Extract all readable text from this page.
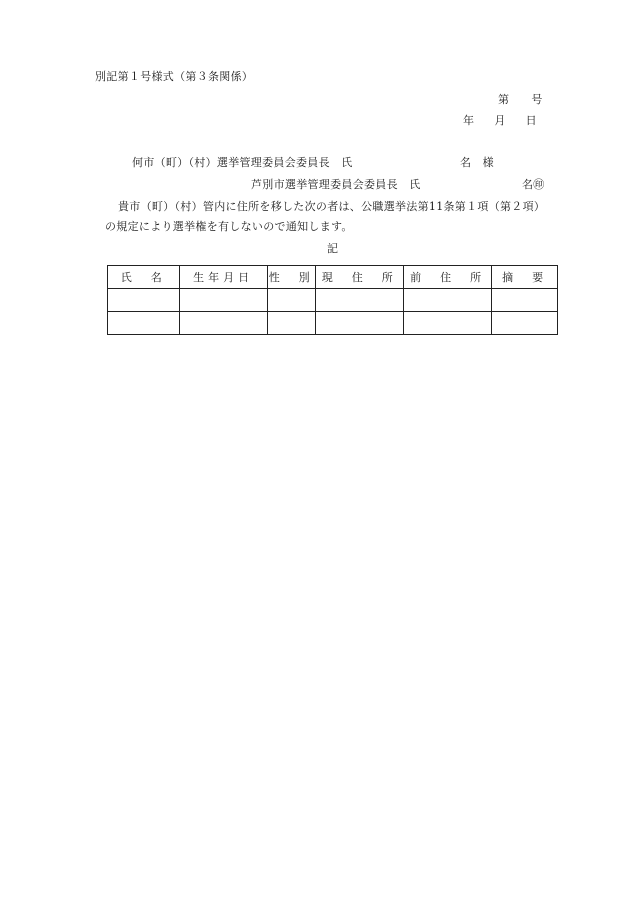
別記第１号様式（第３条関係）
第 号
年 月 日
何市（町）（村）選挙管理委員会委員長　氏	名　様
芦別市選挙管理委員会委員長　氏	名㊞
貴市（町）（村）管内に住所を移した次の者は、公職選挙法第11条第１項（第２項）
の規定により選挙権を有しないので通知します。
記
氏　名	生年月日	性　別	現　住　所	前　住　所	摘　要
